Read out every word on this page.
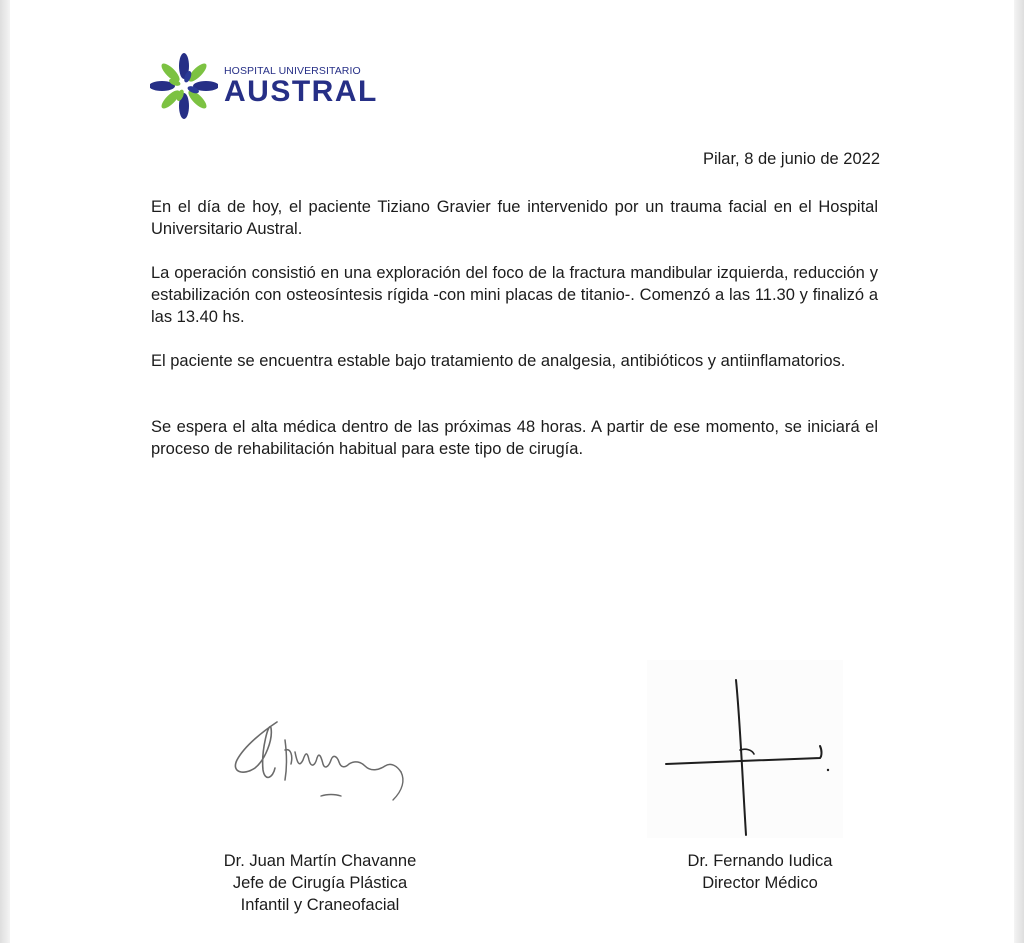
HOSPITAL UNIVERSITARIO
AUSTRAL
Pilar, 8 de junio de 2022
En el día de hoy, el paciente Tiziano Gravier fue intervenido por un trauma facial en el Hospital Universitario Austral.
La operación consistió en una exploración del foco de la fractura mandibular izquierda, reducción y estabilización con osteosíntesis rígida -con mini placas de titanio-. Comenzó a las 11.30 y finalizó a las 13.40 hs.
El paciente se encuentra estable bajo tratamiento de analgesia, antibióticos y antiinflamatorios.
Se espera el alta médica dentro de las próximas 48 horas. A partir de ese momento, se iniciará el proceso de rehabilitación habitual para este tipo de cirugía.
Dr. Juan Martín Chavanne
Jefe de Cirugía Plástica
Infantil y Craneofacial
Dr. Fernando Iudica
Director Médico
